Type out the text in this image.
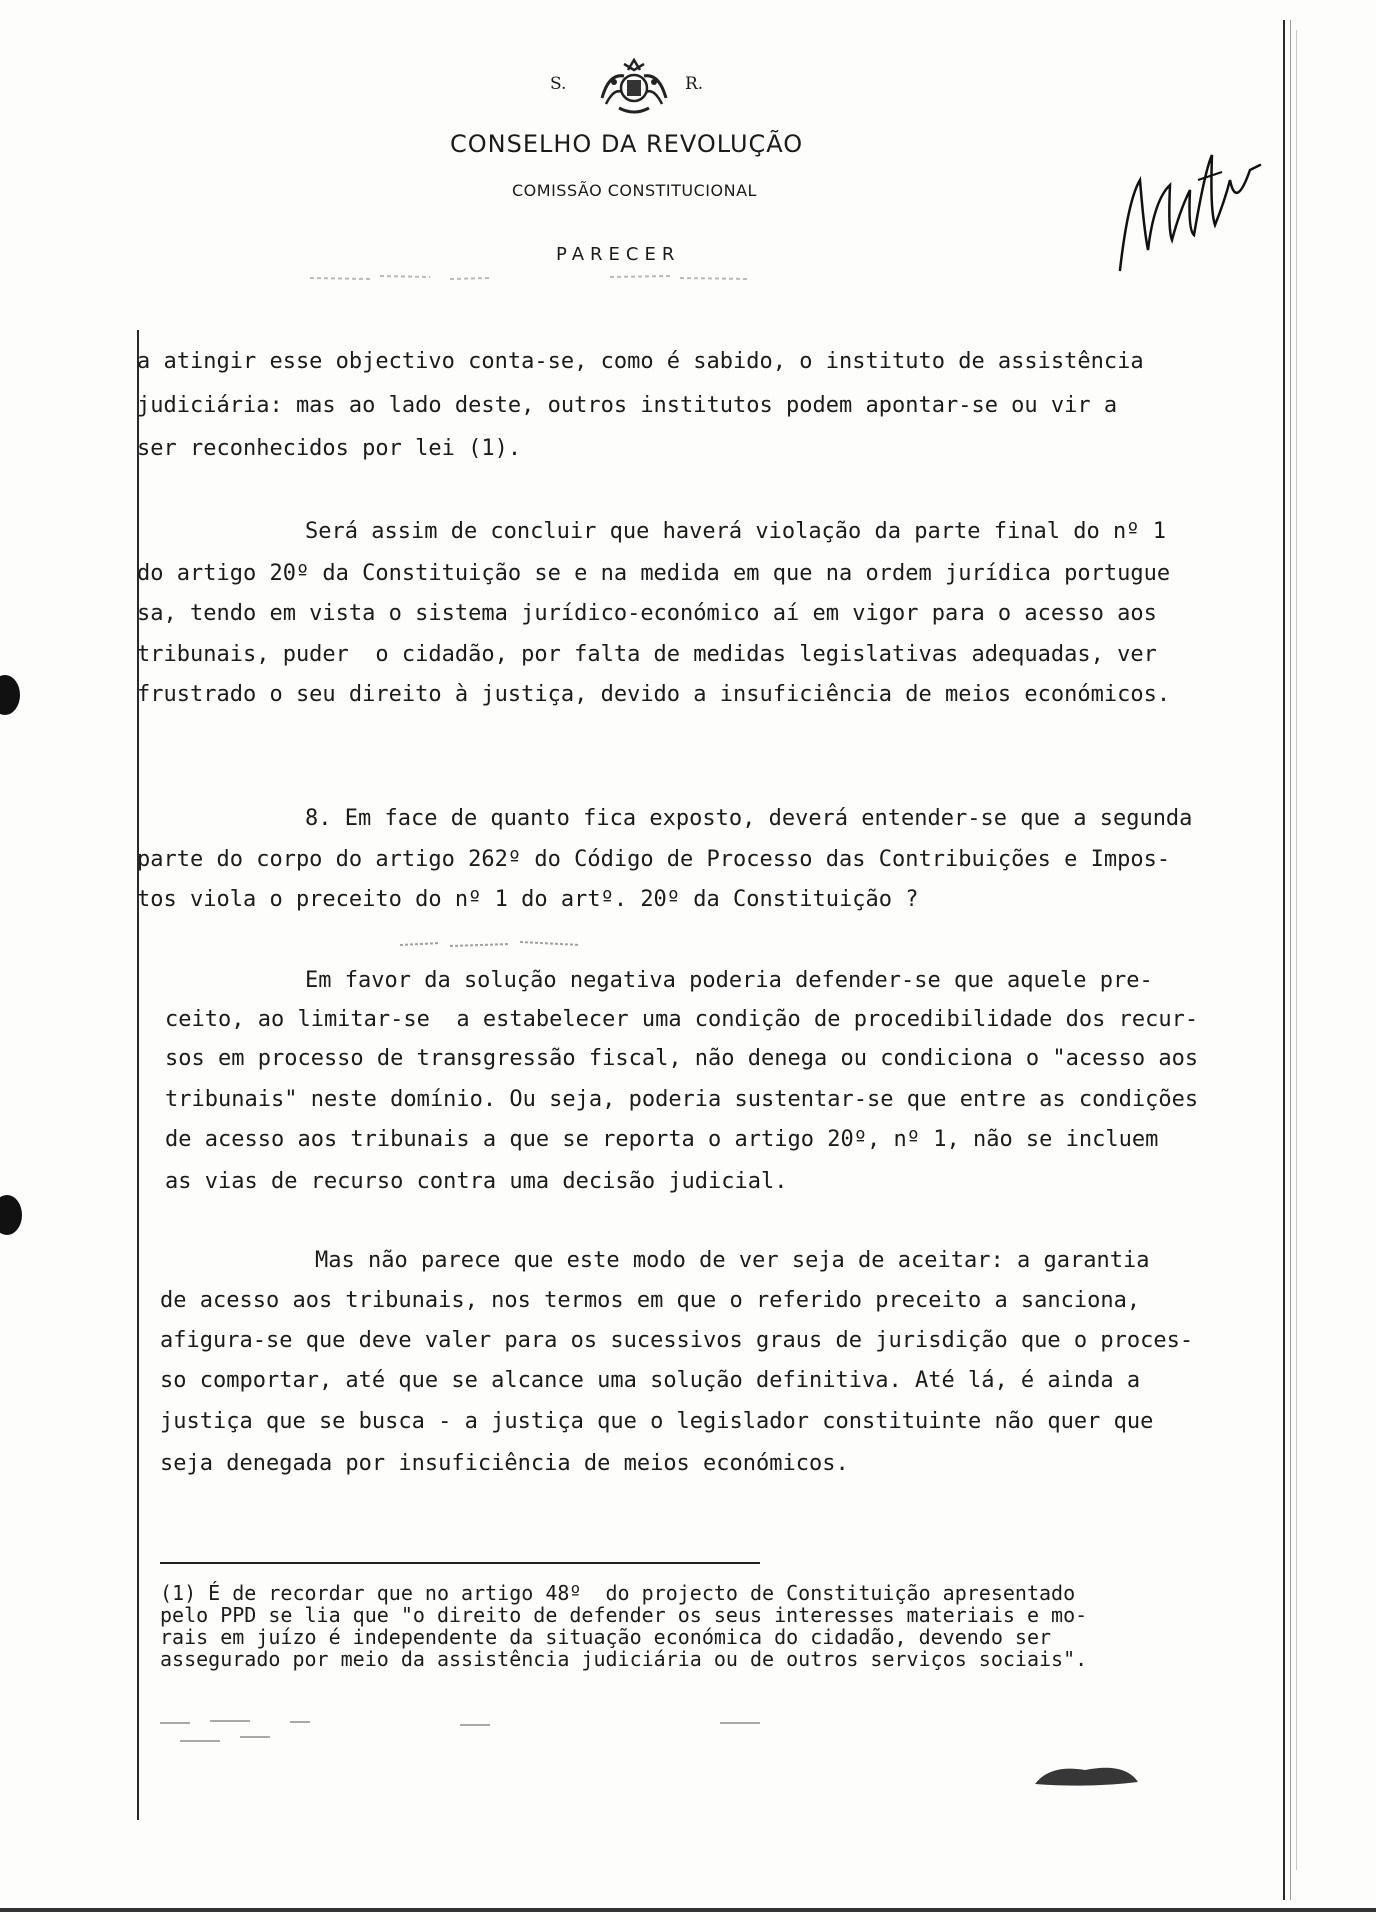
S.	R.
CONSELHO DA REVOLUÇÃO
COMISSÃO CONSTITUCIONAL
PARECER
a atingir esse objectivo conta-se, como é sabido, o instituto de assistência
judiciária: mas ao lado deste, outros institutos podem apontar-se ou vir a
ser reconhecidos por lei (1).
Será assim de concluir que haverá violação da parte final do nº 1
do artigo 20º da Constituição se e na medida em que na ordem jurídica portugue
sa, tendo em vista o sistema jurídico-económico aí em vigor para o acesso aos
tribunais, puder  o cidadão, por falta de medidas legislativas adequadas, ver
frustrado o seu direito à justiça, devido a insuficiência de meios económicos.
8. Em face de quanto fica exposto, deverá entender-se que a segunda
parte do corpo do artigo 262º do Código de Processo das Contribuições e Impos-
tos viola o preceito do nº 1 do artº. 20º da Constituição ?
Em favor da solução negativa poderia defender-se que aquele pre-
ceito, ao limitar-se  a estabelecer uma condição de procedibilidade dos recur-
sos em processo de transgressão fiscal, não denega ou condiciona o "acesso aos
tribunais" neste domínio. Ou seja, poderia sustentar-se que entre as condições
de acesso aos tribunais a que se reporta o artigo 20º, nº 1, não se incluem
as vias de recurso contra uma decisão judicial.
Mas não parece que este modo de ver seja de aceitar: a garantia
de acesso aos tribunais, nos termos em que o referido preceito a sanciona,
afigura-se que deve valer para os sucessivos graus de jurisdição que o proces-
so comportar, até que se alcance uma solução definitiva. Até lá, é ainda a
justiça que se busca - a justiça que o legislador constituinte não quer que
seja denegada por insuficiência de meios económicos.
(1) É de recordar que no artigo 48º  do projecto de Constituição apresentado
pelo PPD se lia que "o direito de defender os seus interesses materiais e mo-
rais em juízo é independente da situação económica do cidadão, devendo ser
assegurado por meio da assistência judiciária ou de outros serviços sociais".
